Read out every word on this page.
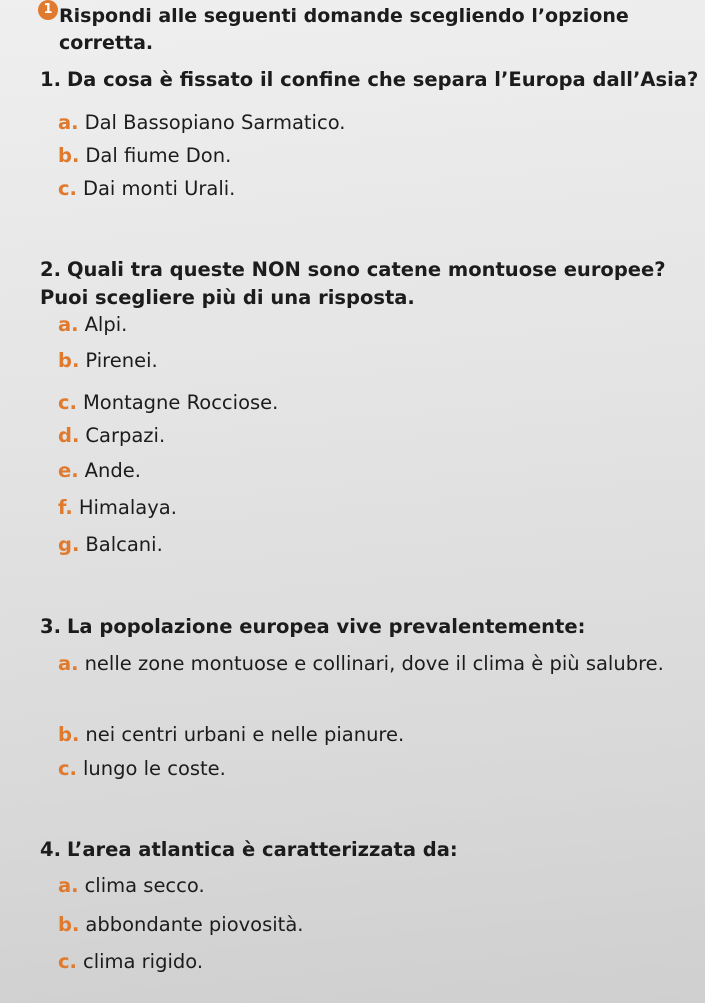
1 Rispondi alle seguenti domande scegliendo l’opzione corretta.
1. Da cosa è fissato il confine che separa l’Europa dall’Asia?
a. Dal Bassopiano Sarmatico.
b. Dal fiume Don.
c. Dai monti Urali.
2. Quali tra queste NON sono catene montuose europee? Puoi scegliere più di una risposta.
a. Alpi.
b. Pirenei.
c. Montagne Rocciose.
d. Carpazi.
e. Ande.
f. Himalaya.
g. Balcani.
3. La popolazione europea vive prevalentemente:
a. nelle zone montuose e collinari, dove il clima è più salubre.
b. nei centri urbani e nelle pianure.
c. lungo le coste.
4. L’area atlantica è caratterizzata da:
a. clima secco.
b. abbondante piovosità.
c. clima rigido.
